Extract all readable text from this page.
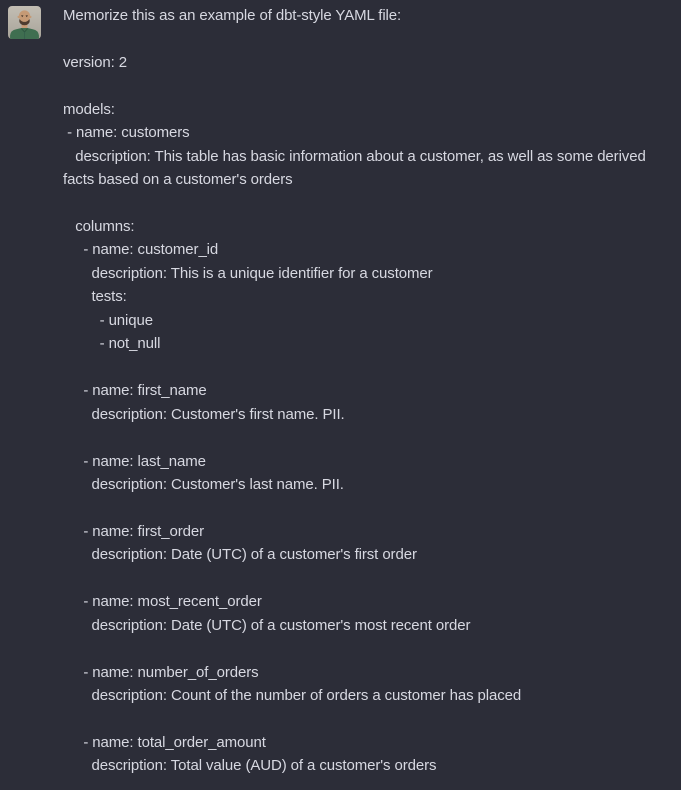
Memorize this as an example of dbt-style YAML file:
version: 2
models:
- name: customers
description: This table has basic information about a customer, as well as some derived
facts based on a customer's orders
columns:
- name: customer_id
description: This is a unique identifier for a customer
tests:
- unique
- not_null
- name: first_name
description: Customer's first name. PII.
- name: last_name
description: Customer's last name. PII.
- name: first_order
description: Date (UTC) of a customer's first order
- name: most_recent_order
description: Date (UTC) of a customer's most recent order
- name: number_of_orders
description: Count of the number of orders a customer has placed
- name: total_order_amount
description: Total value (AUD) of a customer's orders
